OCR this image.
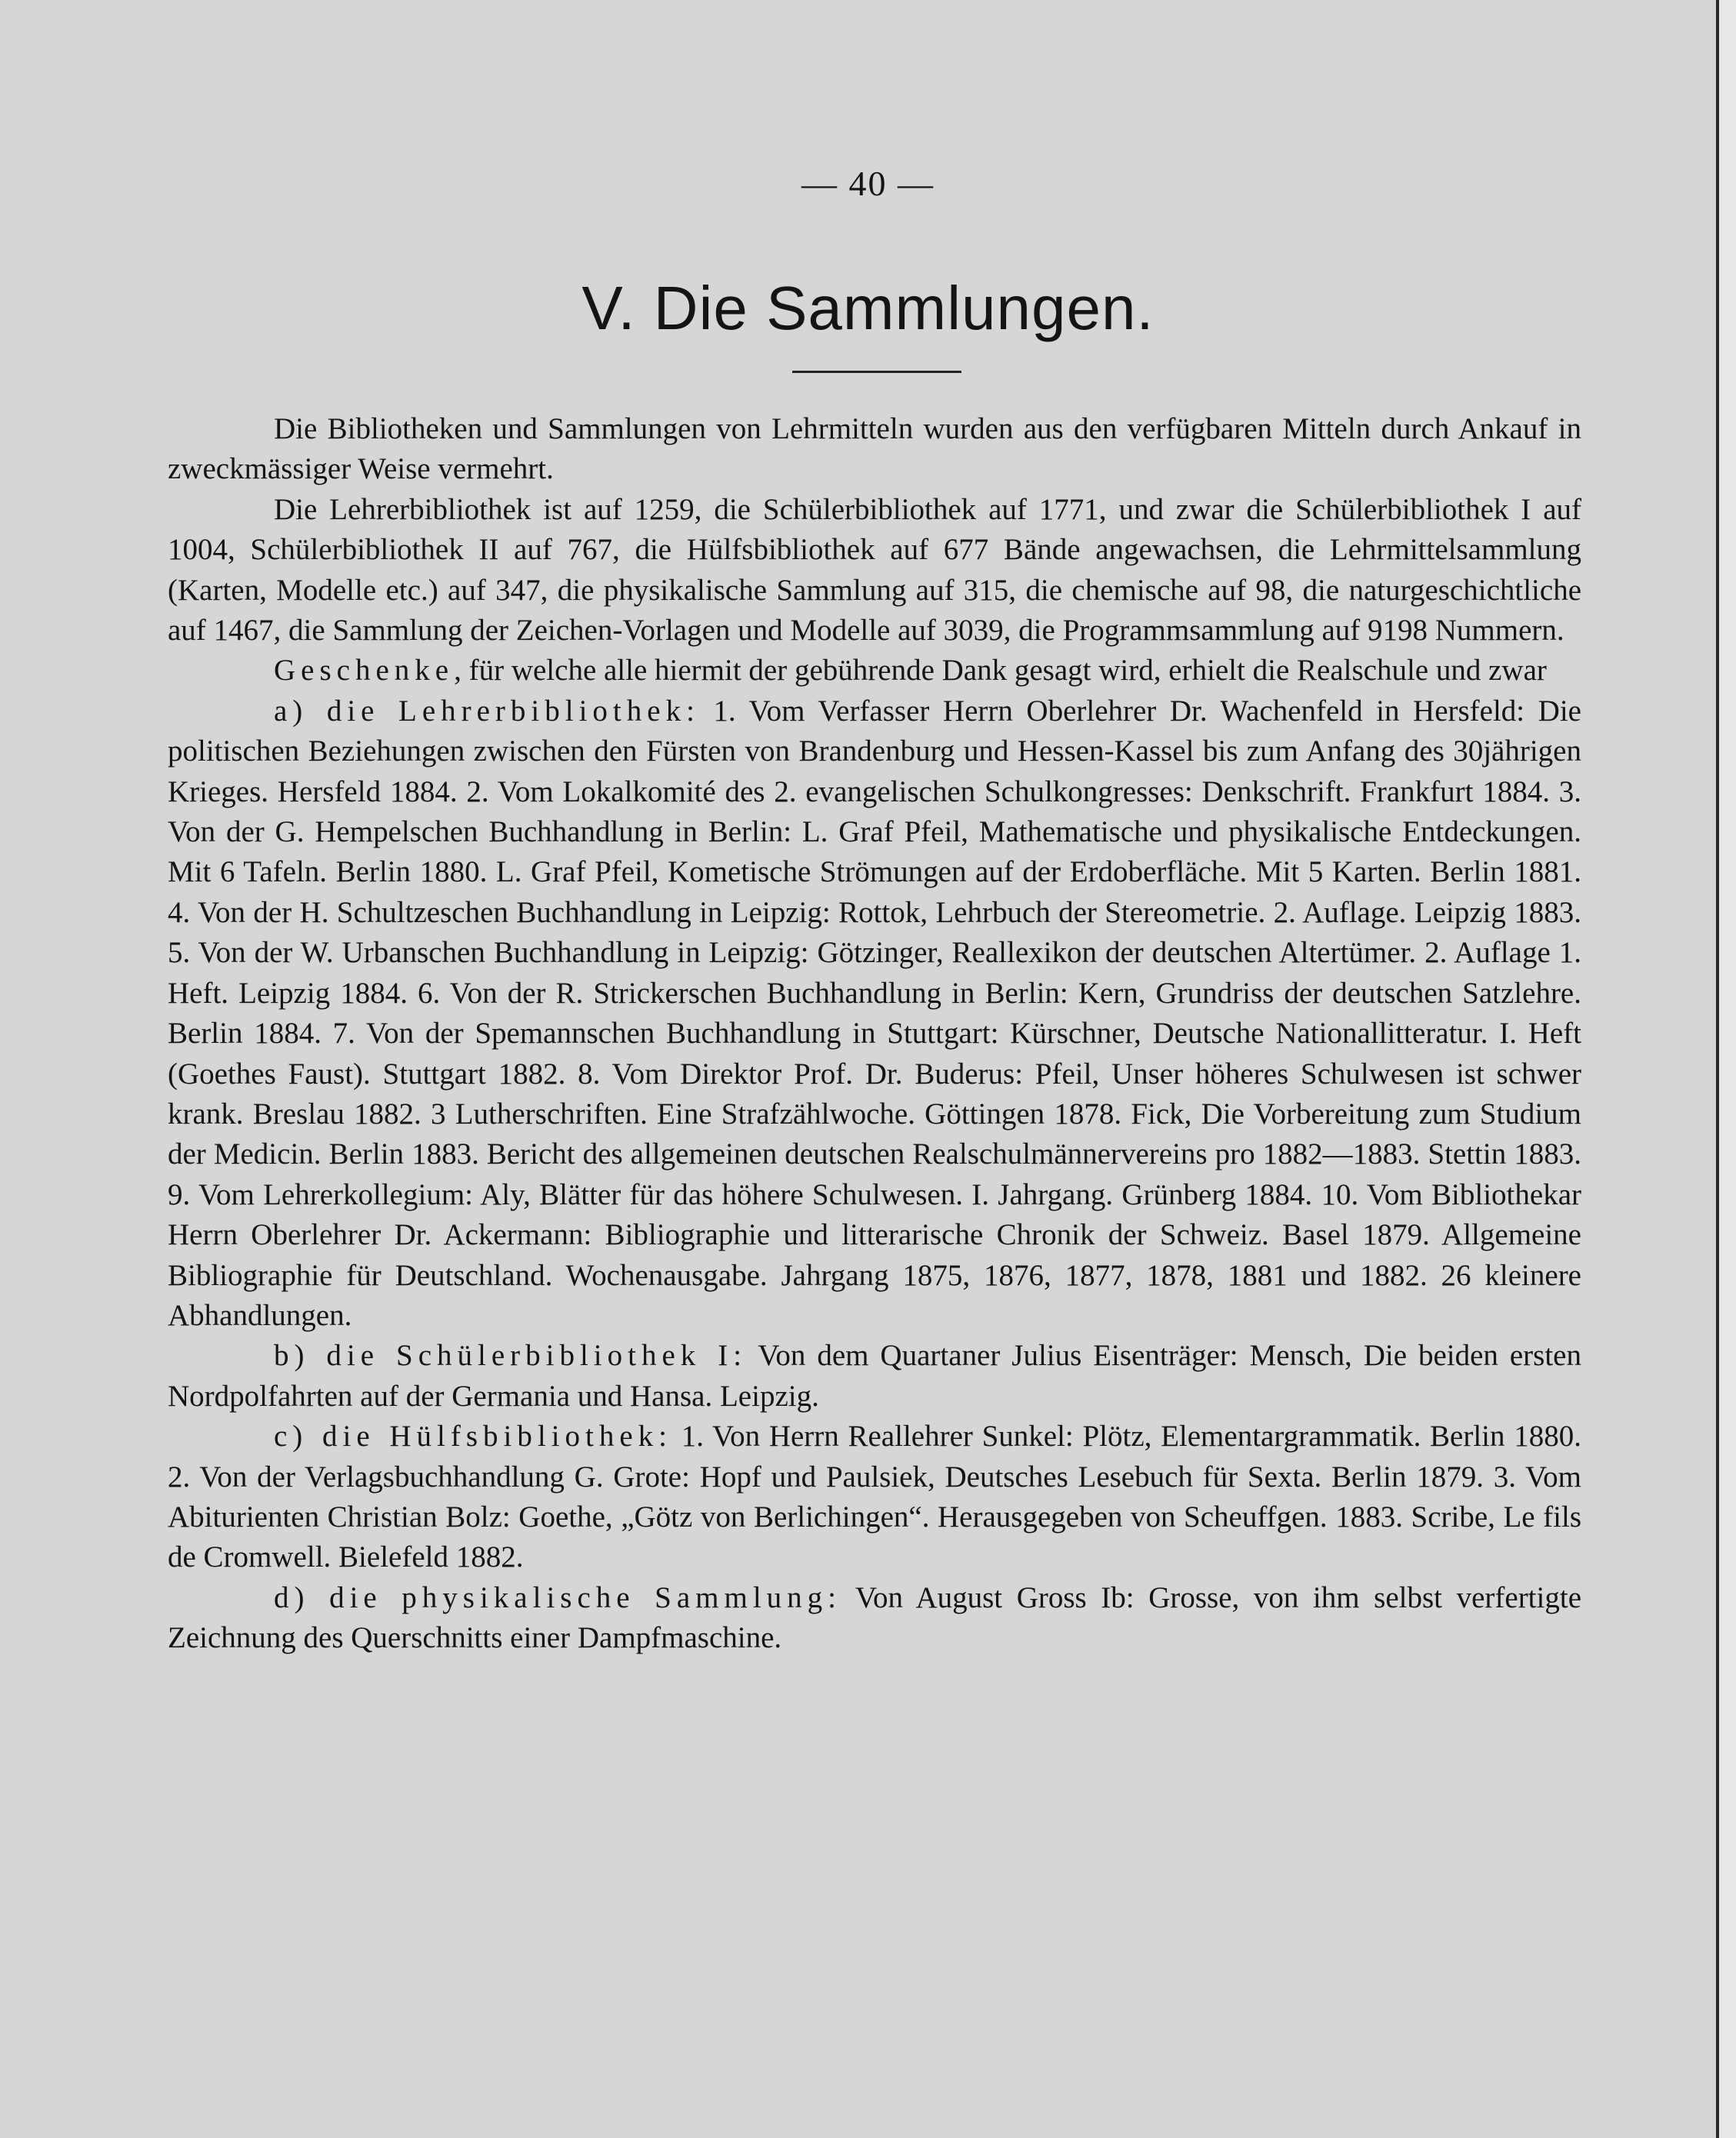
— 40 —
V. Die Sammlungen.

Die Bibliotheken und Sammlungen von Lehrmitteln wurden aus den verfügbaren Mitteln durch Ankauf in zweckmässiger Weise vermehrt.

Die Lehrerbibliothek ist auf 1259, die Schülerbibliothek auf 1771, und zwar die Schülerbibliothek I auf 1004, Schülerbibliothek II auf 767, die Hülfsbibliothek auf 677 Bände angewachsen, die Lehrmittelsammlung (Karten, Modelle etc.) auf 347, die physikalische Sammlung auf 315, die chemische auf 98, die naturgeschichtliche auf 1467, die Sammlung der Zeichen-Vorlagen und Modelle auf 3039, die Programmsammlung auf 9198 Nummern.

Geschenke, für welche alle hiermit der gebührende Dank gesagt wird, erhielt die Realschule und zwar

a) die Lehrerbibliothek: 1. Vom Verfasser Herrn Oberlehrer Dr. Wachenfeld in Hersfeld: Die politischen Beziehungen zwischen den Fürsten von Brandenburg und Hessen-Kassel bis zum Anfang des 30jährigen Krieges. Hersfeld 1884. 2. Vom Lokalkomité des 2. evangelischen Schulkongresses: Denkschrift. Frankfurt 1884. 3. Von der G. Hempelschen Buchhandlung in Berlin: L. Graf Pfeil, Mathematische und physikalische Entdeckungen. Mit 6 Tafeln. Berlin 1880. L. Graf Pfeil, Kometische Strömungen auf der Erdoberfläche. Mit 5 Karten. Berlin 1881. 4. Von der H. Schultzeschen Buchhandlung in Leipzig: Rottok, Lehrbuch der Stereometrie. 2. Auflage. Leipzig 1883. 5. Von der W. Urbanschen Buchhandlung in Leipzig: Götzinger, Reallexikon der deutschen Altertümer. 2. Auflage 1. Heft. Leipzig 1884. 6. Von der R. Strickerschen Buchhandlung in Berlin: Kern, Grundriss der deutschen Satzlehre. Berlin 1884. 7. Von der Spemannschen Buchhandlung in Stuttgart: Kürschner, Deutsche Nationallitteratur. I. Heft (Goethes Faust). Stuttgart 1882. 8. Vom Direktor Prof. Dr. Buderus: Pfeil, Unser höheres Schulwesen ist schwer krank. Breslau 1882. 3 Lutherschriften. Eine Strafzählwoche. Göttingen 1878. Fick, Die Vorbereitung zum Studium der Medicin. Berlin 1883. Bericht des allgemeinen deutschen Realschulmännervereins pro 1882—1883. Stettin 1883. 9. Vom Lehrerkollegium: Aly, Blätter für das höhere Schulwesen. I. Jahrgang. Grünberg 1884. 10. Vom Bibliothekar Herrn Oberlehrer Dr. Ackermann: Bibliographie und litterarische Chronik der Schweiz. Basel 1879. Allgemeine Bibliographie für Deutschland. Wochenausgabe. Jahrgang 1875, 1876, 1877, 1878, 1881 und 1882. 26 kleinere Abhandlungen.

b) die Schülerbibliothek I: Von dem Quartaner Julius Eisenträger: Mensch, Die beiden ersten Nordpolfahrten auf der Germania und Hansa. Leipzig.

c) die Hülfsbibliothek: 1. Von Herrn Reallehrer Sunkel: Plötz, Elementargrammatik. Berlin 1880. 2. Von der Verlagsbuchhandlung G. Grote: Hopf und Paulsiek, Deutsches Lesebuch für Sexta. Berlin 1879. 3. Vom Abiturienten Christian Bolz: Goethe, „Götz von Berlichingen“. Herausgegeben von Scheuffgen. 1883. Scribe, Le fils de Cromwell. Bielefeld 1882.

d) die physikalische Sammlung: Von August Gross Ib: Grosse, von ihm selbst verfertigte Zeichnung des Querschnitts einer Dampfmaschine.
